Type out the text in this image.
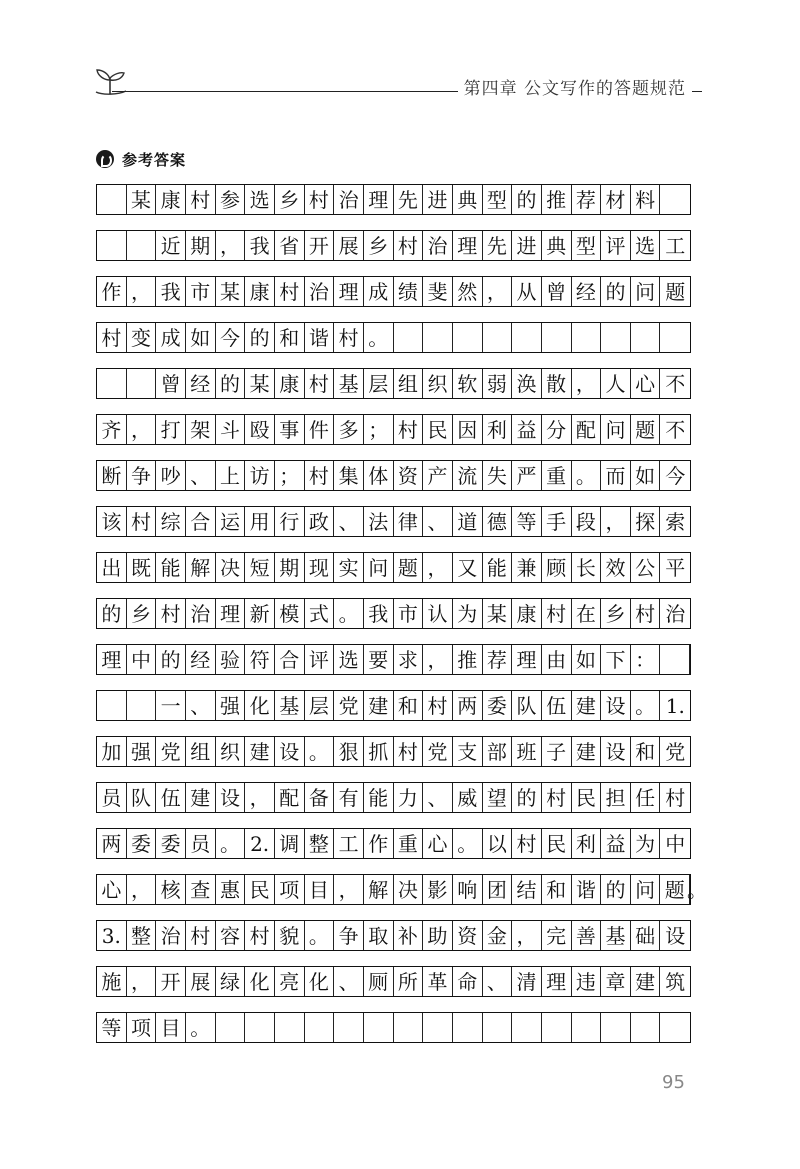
第四章 公文写作的答题规范
参考答案
某 康 村 参 选 乡 村 治 理 先 进 典 型 的 推 荐 材 料
近 期 ， 我 省 开 展 乡 村 治 理 先 进 典 型 评 选 工
作 ， 我 市 某 康 村 治 理 成 绩 斐 然 ， 从 曾 经 的 问 题
村 变 成 如 今 的 和 谐 村 。
曾 经 的 某 康 村 基 层 组 织 软 弱 涣 散 ， 人 心 不
齐 ， 打 架 斗 殴 事 件 多 ； 村 民 因 利 益 分 配 问 题 不
断 争 吵 、 上 访 ； 村 集 体 资 产 流 失 严 重 。 而 如 今
该 村 综 合 运 用 行 政 、 法 律 、 道 德 等 手 段 ， 探 索
出 既 能 解 决 短 期 现 实 问 题 ， 又 能 兼 顾 长 效 公 平
的 乡 村 治 理 新 模 式 。 我 市 认 为 某 康 村 在 乡 村 治
理 中 的 经 验 符 合 评 选 要 求 ， 推 荐 理 由 如 下 ：
一 、 强 化 基 层 党 建 和 村 两 委 队 伍 建 设 。 1.
加 强 党 组 织 建 设 。 狠 抓 村 党 支 部 班 子 建 设 和 党
员 队 伍 建 设 ， 配 备 有 能 力 、 威 望 的 村 民 担 任 村
两 委 委 员 。 2. 调 整 工 作 重 心 。 以 村 民 利 益 为 中
心 ， 核 查 惠 民 项 目 ， 解 决 影 响 团 结 和 谐 的 问 题 。
3. 整 治 村 容 村 貌 。 争 取 补 助 资 金 ， 完 善 基 础 设
施 ， 开 展 绿 化 亮 化 、 厕 所 革 命 、 清 理 违 章 建 筑
等 项 目 。
95
